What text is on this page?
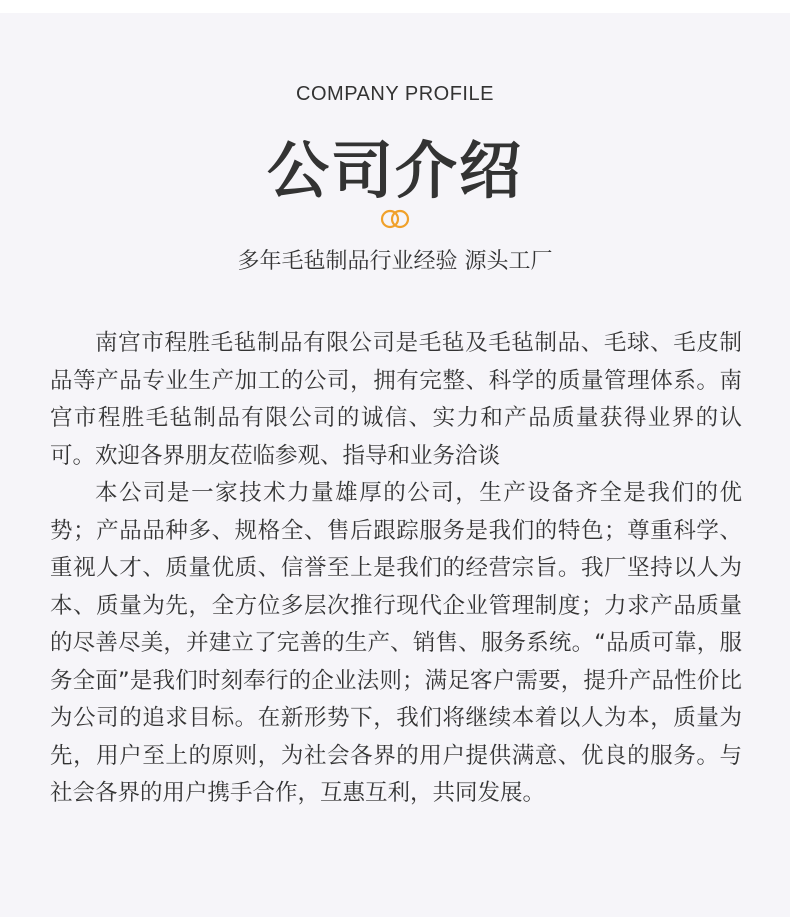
COMPANY PROFILE
公司介绍
多年毛毡制品行业经验 源头工厂

南宫市程胜毛毡制品有限公司是毛毡及毛毡制品、毛球、毛皮制品等产品专业生产加工的公司，拥有完整、科学的质量管理体系。南宫市程胜毛毡制品有限公司的诚信、实力和产品质量获得业界的认可。欢迎各界朋友莅临参观、指导和业务洽谈

本公司是一家技术力量雄厚的公司，生产设备齐全是我们的优势；产品品种多、规格全、售后跟踪服务是我们的特色；尊重科学、重视人才、质量优质、信誉至上是我们的经营宗旨。我厂坚持以人为本、质量为先，全方位多层次推行现代企业管理制度；力求产品质量的尽善尽美，并建立了完善的生产、销售、服务系统。“品质可靠，服务全面”是我们时刻奉行的企业法则；满足客户需要，提升产品性价比为公司的追求目标。在新形势下，我们将继续本着以人为本，质量为先，用户至上的原则，为社会各界的用户提供满意、优良的服务。与社会各界的用户携手合作，互惠互利，共同发展。
